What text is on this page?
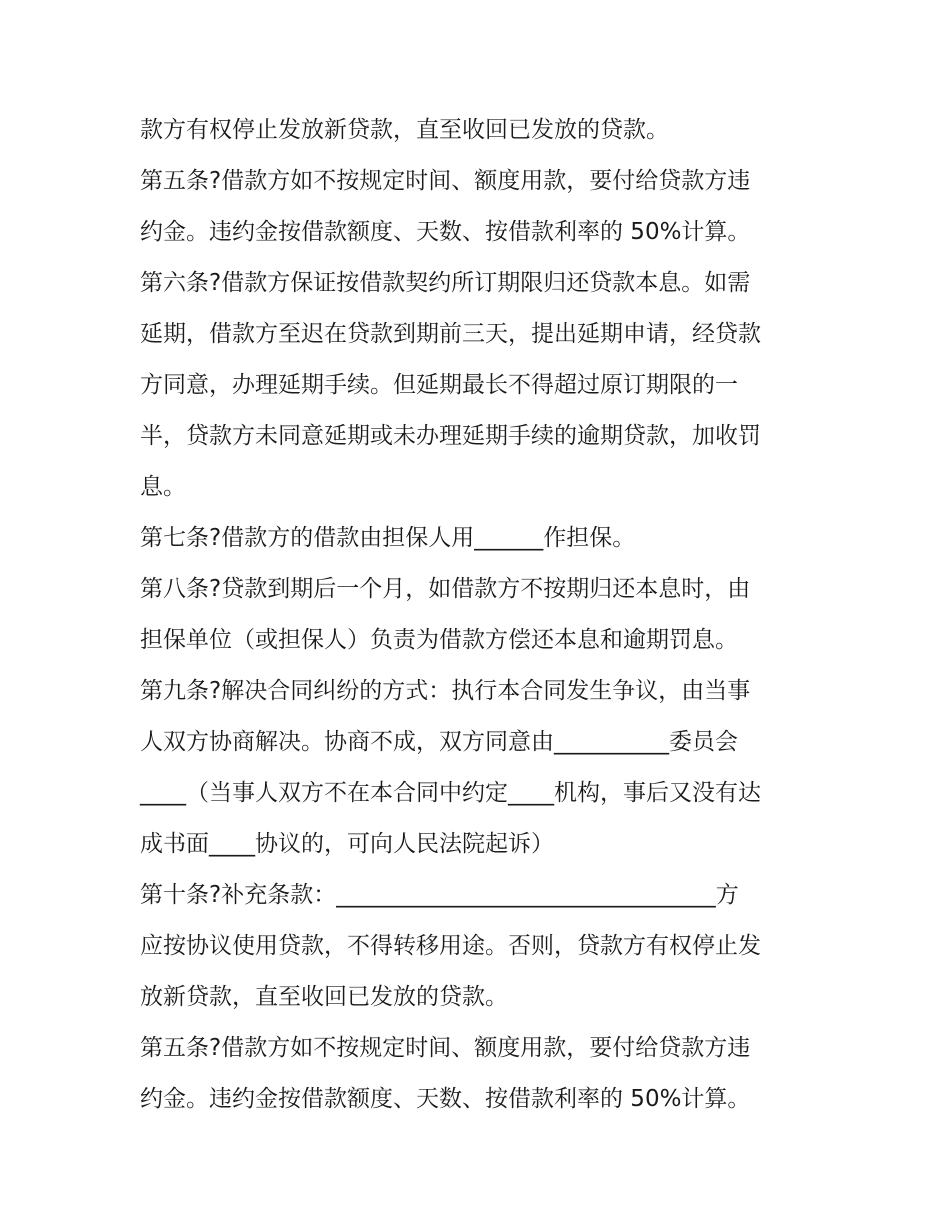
款方有权停止发放新贷款，直至收回已发放的贷款。
第五条?借款方如不按规定时间、额度用款，要付给贷款方违
约金。违约金按借款额度、天数、按借款利率的 50%计算。
第六条?借款方保证按借款契约所订期限归还贷款本息。如需
延期，借款方至迟在贷款到期前三天，提出延期申请，经贷款
方同意，办理延期手续。但延期最长不得超过原订期限的一
半，贷款方未同意延期或未办理延期手续的逾期贷款，加收罚
息。
第七条?借款方的借款由担保人用______作担保。
第八条?贷款到期后一个月，如借款方不按期归还本息时，由
担保单位（或担保人）负责为借款方偿还本息和逾期罚息。
第九条?解决合同纠纷的方式：执行本合同发生争议，由当事
人双方协商解决。协商不成，双方同意由__________委员会
____（当事人双方不在本合同中约定____机构，事后又没有达
成书面____协议的，可向人民法院起诉）
第十条?补充条款：_________________________________方
应按协议使用贷款，不得转移用途。否则，贷款方有权停止发
放新贷款，直至收回已发放的贷款。
第五条?借款方如不按规定时间、额度用款，要付给贷款方违
约金。违约金按借款额度、天数、按借款利率的 50%计算。
